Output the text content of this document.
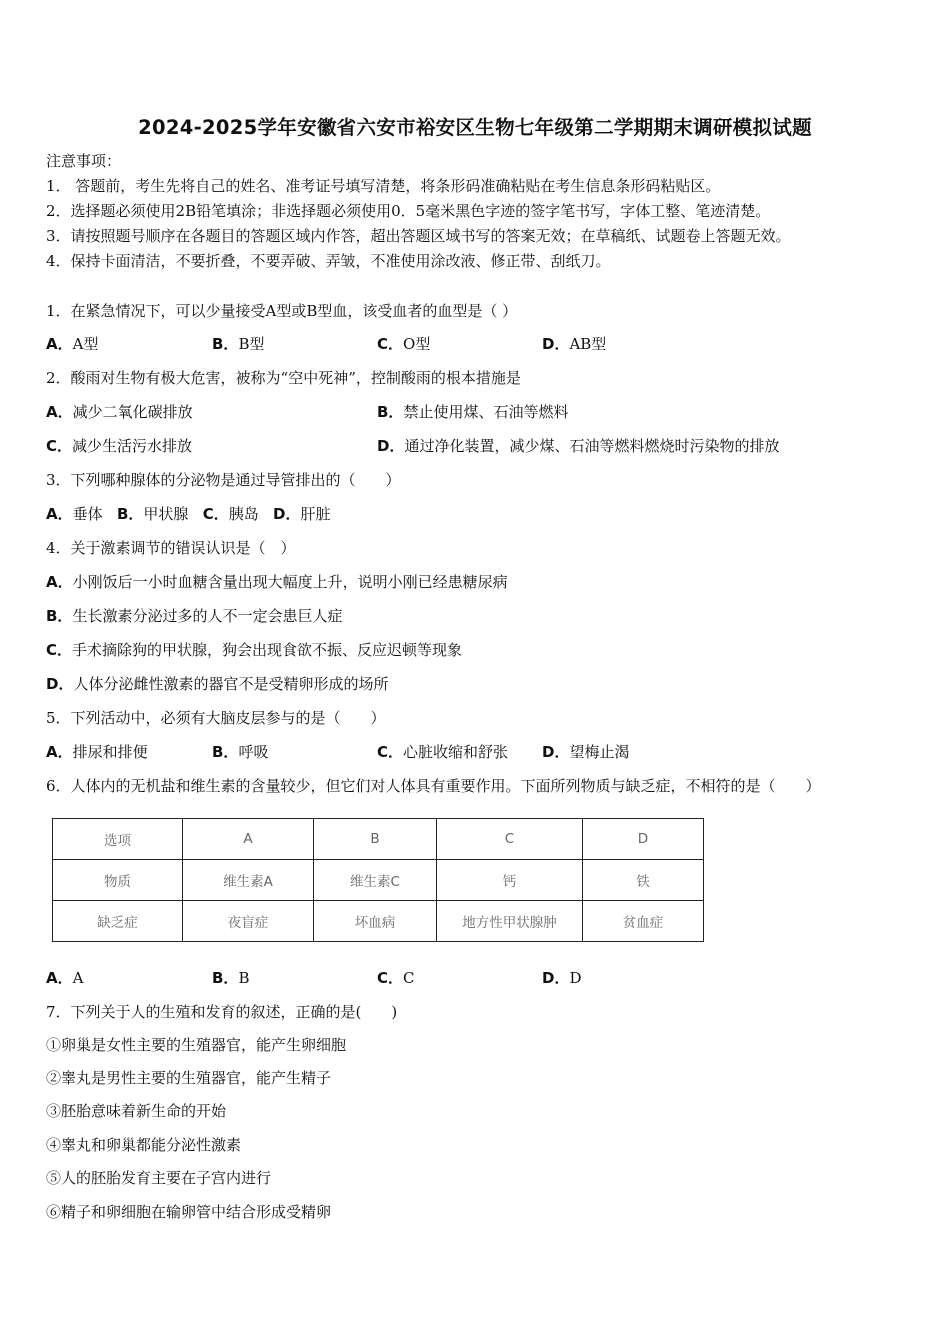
2024-2025学年安徽省六安市裕安区生物七年级第二学期期末调研模拟试题
注意事项：
1． 答题前，考生先将自己的姓名、准考证号填写清楚，将条形码准确粘贴在考生信息条形码粘贴区。
2．选择题必须使用2B铅笔填涂；非选择题必须使用0．5毫米黑色字迹的签字笔书写，字体工整、笔迹清楚。
3．请按照题号顺序在各题目的答题区域内作答，超出答题区域书写的答案无效；在草稿纸、试题卷上答题无效。
4．保持卡面清洁，不要折叠，不要弄破、弄皱，不准使用涂改液、修正带、刮纸刀。
1．在紧急情况下，可以少量接受A型或B型血，该受血者的血型是（ ）
A．A型	B．B型	C．O型	D．AB型
2．酸雨对生物有极大危害，被称为“空中死神”，控制酸雨的根本措施是
A．减少二氧化碳排放	B．禁止使用煤、石油等燃料
C．减少生活污水排放	D．通过净化装置，减少煤、石油等燃料燃烧时污染物的排放
3．下列哪种腺体的分泌物是通过导管排出的（　　）
A．垂体 B．甲状腺 C．胰岛 D．肝脏
4．关于激素调节的错误认识是（　）
A．小刚饭后一小时血糖含量出现大幅度上升，说明小刚已经患糖尿病
B．生长激素分泌过多的人不一定会患巨人症
C．手术摘除狗的甲状腺，狗会出现食欲不振、反应迟顿等现象
D．人体分泌雌性激素的器官不是受精卵形成的场所
5．下列活动中，必须有大脑皮层参与的是（　　）
A．排尿和排便	B．呼吸	C．心脏收缩和舒张 D．望梅止渴
6．人体内的无机盐和维生素的含量较少，但它们对人体具有重要作用。下面所列物质与缺乏症，不相符的是（　　）
选项	A	B	C	D
物质	维生素A	维生素C	钙	铁
缺乏症	夜盲症	坏血病	地方性甲状腺肿	贫血症
A．A	B．B	C．C	D．D
7．下列关于人的生殖和发育的叙述，正确的是(　　)
①卵巢是女性主要的生殖器官，能产生卵细胞
②睾丸是男性主要的生殖器官，能产生精子
③胚胎意味着新生命的开始
④睾丸和卵巢都能分泌性激素
⑤人的胚胎发育主要在子宫内进行
⑥精子和卵细胞在输卵管中结合形成受精卵
